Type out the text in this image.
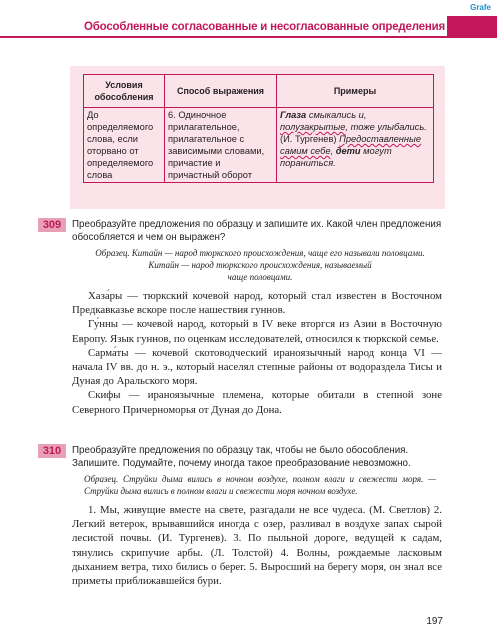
Grafe
Обособленные согласованные и несогласованные определения
Условия обособления	Способ выражения	Примеры
До определяемого слова, если оторвано от определяемого слова	6. Одиночное прилагательное, прилагательное с зависимыми словами, причастие и причастный оборот	Глаза смыкались и, полузакрытые, тоже улыбались.(И. Тургенев) Предоставленные самим себе, дети могут пораниться.
309	Преобразуйте предложения по образцу и запишите их. Какой член предложения обособляется и чем он выражен?
Образец. Китайн — народ тюркского происхождения, чаще его называли половцами. Китайн — народ тюркского происхождения, называемый
чаще половцами.

Хаза́ры — тюркский кочевой народ, который стал известен в Восточном Предкавказье вскоре после нашествия гуннов.

Гу́нны — кочевой народ, который в IV веке вторгся из Азии в Восточную Европу. Язык гуннов, по оценкам исследователей, относился к тюркской семье.

Сарма́ты — кочевой скотоводческий ираноязычный народ конца VI — начала IV вв. до н. э., который населял степные районы от водораздела Тисы и Дуная до Аральского моря.

Скифы — ираноязычные племена, которые обитали в степной зоне Северного Причерноморья от Дуная до Дона.

310	Преобразуйте предложения по образцу так, чтобы не было обособления. Запишите. Подумайте, почему иногда такое преобразование невозможно.
Образец. Струйки дыма вились в ночном воздухе, полном влаги и свежести моря. — Струйки дыма вились в полном влаги и свежести моря ночном воздухе.

1. Мы, живущие вместе на свете, разгадали не все чудеса. (М. Светлов) 2. Легкий ветерок, врывавшийся иногда с озер, разливал в воздухе запах сырой лесистой почвы. (И. Тургенев). 3. По пыльной дороге, ведущей к садам, тянулись скрипучие арбы. (Л. Толстой) 4. Волны, рождаемые ласковым дыханием ветра, тихо бились о берег. 5. Выросший на берегу моря, он знал все приметы приближавшейся бури.

197
